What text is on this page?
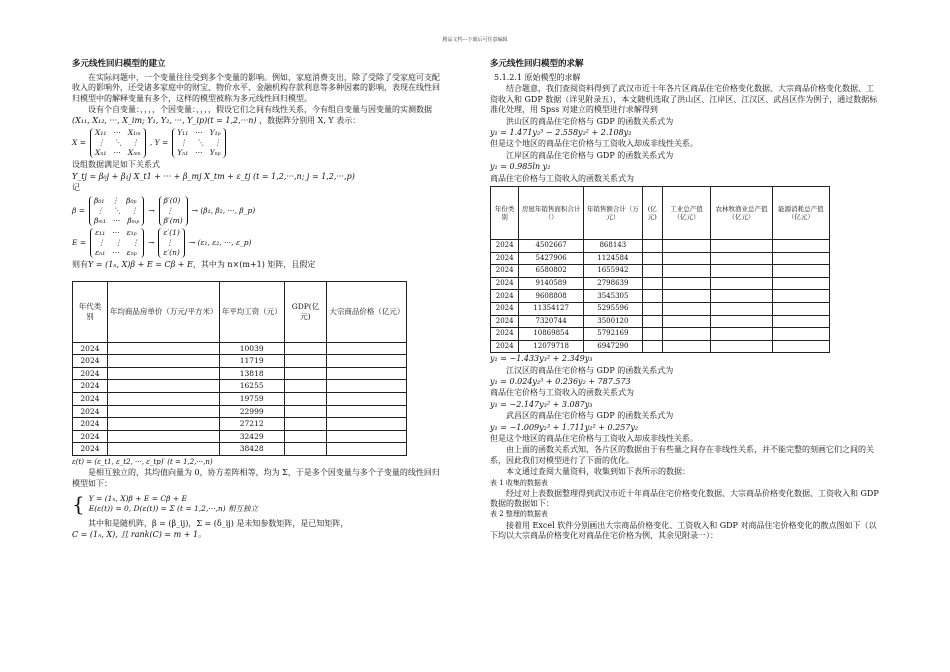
精品文档---下载后可任意编辑
多元线性回归模型的建立

在实际问题中，一个变量往往受到多个变量的影响。例如，家庭消费支出，除了受除了受家庭可支配收入的影响外，还受诸多家庭中的财宝、物价水平、金融机构存款利息等多种因素的影响，表现在线性回归模型中的解释变量有多个，这样的模型被称为多元线性回归模型。

设有个自变量：，，，，个因变量：，，，，假设它们之间有线性关系，今有组自变量与因变量的实测数据 (X₁₁, X₁₂, ···, X_im; Y₁, Y₂, ···, Y_ip)(t = 1,2,···n) ，数据阵分别用 X, Y 表示：

X =
X₁₁   ···   X₁ₘ
⋮    ⋱    ⋮
Xₙ₁   ···   Xₙₘ
, Y =
Y₁₁   ···   Y₁ₚ
⋮    ⋱    ⋮
Yₙ₁   ···   Yₙₚ

设组数据满足如下关系式

Y_tj = β₀j + β₁j X_t1 + ··· + β_mj X_tm + ε_tj (t = 1,2,···,n; j = 1,2,···,p)

记

β =
β₀₁   ⋮   β₀ₚ
⋮    ⋱    ⋮
βₘ₁   ···   βₘₚ
→
β′(0)
⋮
β′(m)
→ (β₁, β₂, ···, β_p)
E =
ε₁₁   ···   ε₁ₚ
⋮    ⋮    ⋮
εₙ₁   ···   εₙₚ
→
ε′(1)
⋮
ε′(n)
→ (ε₁, ε₂, ···, ε_p)

则有Y = (1ₙ, X)β + E = Cβ + E，其中为 n×(m+1) 矩阵，且假定

年代类别	年均商品房单价（万元/平方米）	年平均工资（元）	GDP(亿元)	大宗商品价格（亿元）
2024		10039		
2024		11719		
2024		13818		
2024		16255		
2024		19759		
2024		22999		
2024		27212		
2024		32429		
2024		38428		

ε(t) = (ε_t1, ε_t2, ···, ε_tp)′ (t = 1,2,···,n)

是相互独立的，其均值向量为 0，协方差阵相等，均为 Σ，于是多个因变量与多个子变量的线性回归模型如下：

{ Y = (1ₙ, X)β + E = Cβ + E
E(ε(t)) = 0, D(ε(t)) = Σ (t = 1,2,···,n) 相互独立

其中和是随机阵，β = (β_ij)，Σ = (δ_ij) 是未知参数矩阵，是已知矩阵，

C = (1ₙ, X), 且 rank(C) = m + 1。

多元线性回归模型的求解

5.1.2.1 原始模型的求解

结合题意，我们查阅资料得到了武汉市近十年各片区商品住宅价格变化数据、大宗商品价格变化数据、工资收入和 GDP 数据（详见附录五），本文随机选取了洪山区、江岸区、江汉区、武昌区作为例子，通过数据标准化处理，用 Spss 对建立的模型进行求解得到

洪山区的商品住宅价格与 GDP 的函数关系式为

y₁ = 1.471y₂³ − 2.558y₂² + 2.108y₂

但是这个地区的商品住宅价格与工资收入却成非线性关系。

江岸区的商品住宅价格与 GDP 的函数关系式为

y₁ = 0.985ln y₂

商品住宅价格与工资收入的函数关系式为

年份类别	房屋年销售面积合计（）	年销售额合计（万元）	(亿元)	工业总产值（亿元）	农林牧渔业总产值（亿元）	能源消耗总产值（亿元）
2024	4502667	868143				
2024	5427906	1124584				
2024	6580802	1655942				
2024	9140589	2798639				
2024	9608808	3545305				
2024	11354127	5295596				
2024	7320744	3500120				
2024	10869854	5792169				
2024	12079718	6947290				

y₁ = −1.433y₃² + 2.349y₃

江汉区的商品住宅价格与 GDP 的函数关系式为

y₁ = 0.024y₂³ + 0.236y₂ + 787.573

商品住宅价格与工资收入的函数关系式为

y₁ = −2.147y₃² + 3.087y₃

武昌区的商品住宅价格与 GDP 的函数关系式为

y₁ = −1.009y₂³ + 1.711y₂² + 0.257y₂

但是这个地区的商品住宅价格与工资收入却成非线性关系。

由上面的函数关系式知，各片区的数据由于有些量之间存在非线性关系，并不能完整的刻画它们之间的关系，因此我们对模型进行了下面的优化。

本文通过查阅大量资料，收集到如下表所示的数据：

表 1 收集的数据表

经过对上表数据整理得到武汉市近十年商品住宅价格变化数据、大宗商品价格变化数据、工资收入和 GDP 数据的数据如下：

表 2 整理的数据表

接着用 Excel 软件分别画出大宗商品价格变化、工资收入和 GDP 对商品住宅价格变化的散点图如下（以下均以大宗商品价格变化对商品住宅价格为例，其余见附录一）：
